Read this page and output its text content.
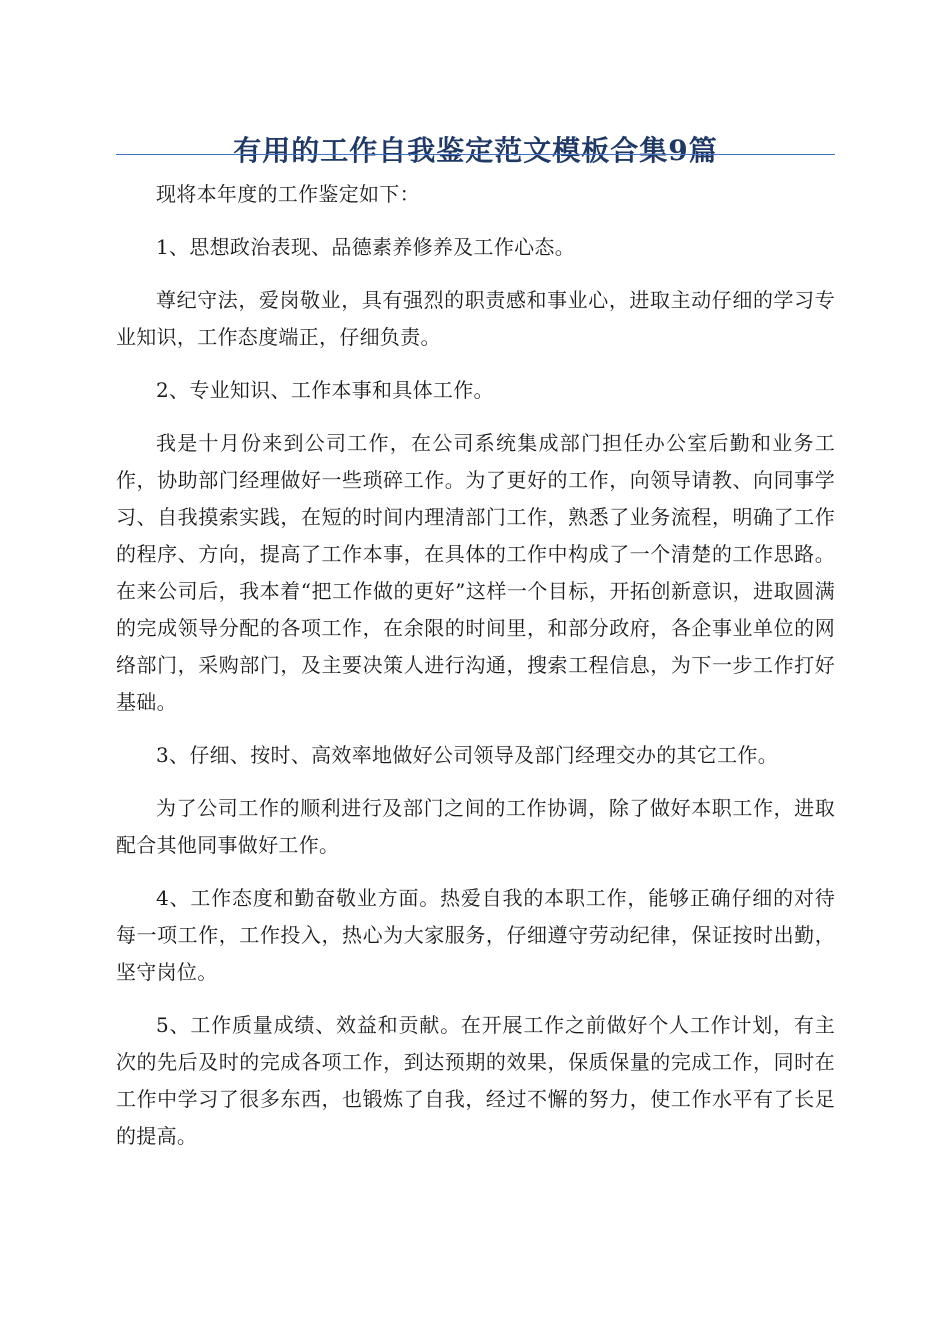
有用的工作自我鉴定范文模板合集9篇

现将本年度的工作鉴定如下：

1、思想政治表现、品德素养修养及工作心态。

尊纪守法，爱岗敬业，具有强烈的职责感和事业心，进取主动仔细的学习专业知识，工作态度端正，仔细负责。

2、专业知识、工作本事和具体工作。

我是十月份来到公司工作，在公司系统集成部门担任办公室后勤和业务工作，协助部门经理做好一些琐碎工作。为了更好的工作，向领导请教、向同事学习、自我摸索实践，在短的时间内理清部门工作，熟悉了业务流程，明确了工作的程序、方向，提高了工作本事，在具体的工作中构成了一个清楚的工作思路。在来公司后，我本着“把工作做的更好”这样一个目标，开拓创新意识，进取圆满的完成领导分配的各项工作，在余限的时间里，和部分政府，各企事业单位的网络部门，采购部门，及主要决策人进行沟通，搜索工程信息，为下一步工作打好基础。

3、仔细、按时、高效率地做好公司领导及部门经理交办的其它工作。

为了公司工作的顺利进行及部门之间的工作协调，除了做好本职工作，进取配合其他同事做好工作。

4、工作态度和勤奋敬业方面。热爱自我的本职工作，能够正确仔细的对待每一项工作，工作投入，热心为大家服务，仔细遵守劳动纪律，保证按时出勤，坚守岗位。

5、工作质量成绩、效益和贡献。在开展工作之前做好个人工作计划，有主次的先后及时的完成各项工作，到达预期的效果，保质保量的完成工作，同时在工作中学习了很多东西，也锻炼了自我，经过不懈的努力，使工作水平有了长足的提高。
